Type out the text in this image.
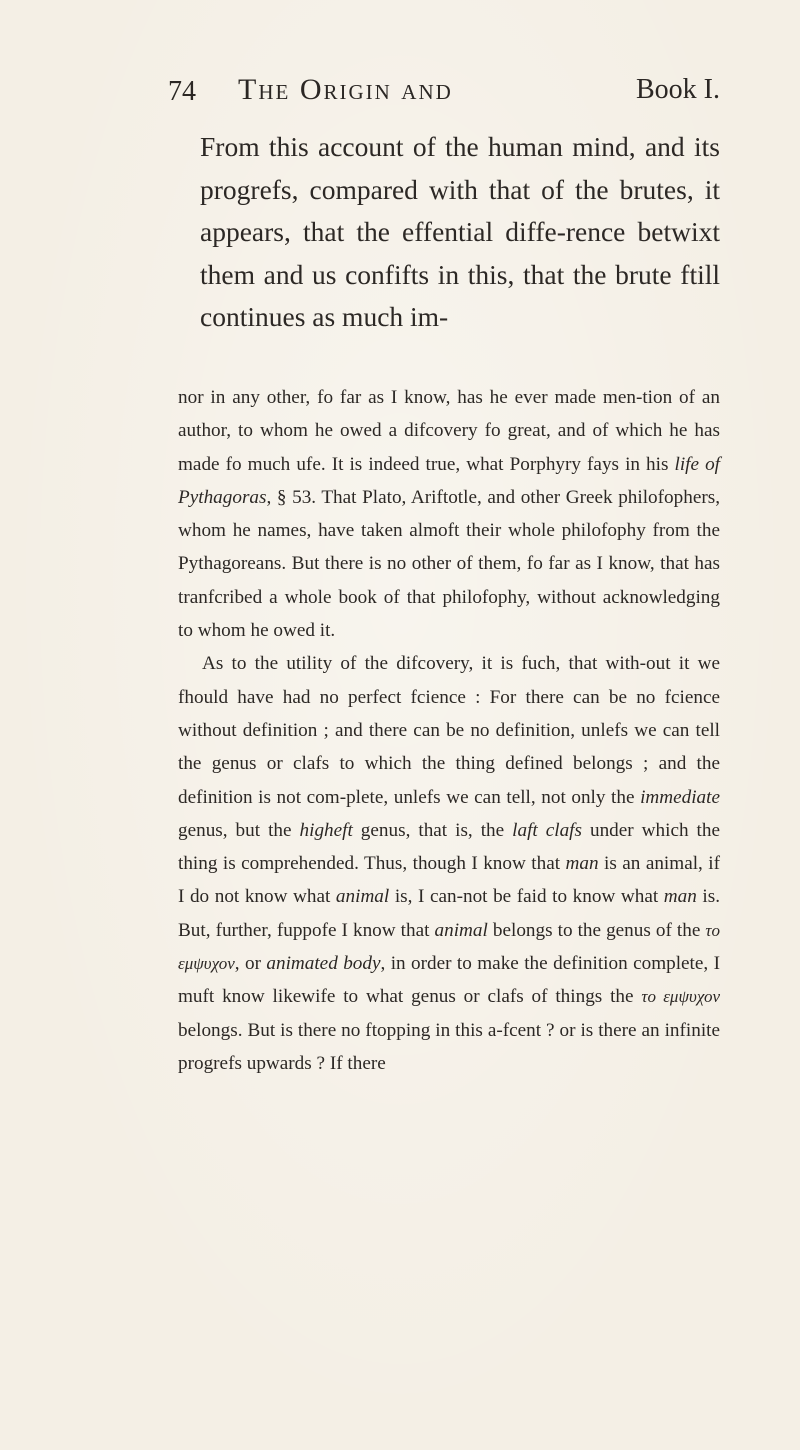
74 The Origin and	Book I.

From this account of the human mind, and its progrefs, compared with that of the brutes, it appears, that the effential diffe‑rence betwixt them and us confifts in this, that the brute ftill continues as much im‑

nor in any other, fo far as I know, has he ever made men‑tion of an author, to whom he owed a difcovery fo great, and of which he has made fo much ufe. It is indeed true, what Porphyry fays in his life of Pythagoras, § 53. That Plato, Ariftotle, and other Greek philofophers, whom he names, have taken almoft their whole philofophy from the Pythagoreans. But there is no other of them, fo far as I know, that has tranfcribed a whole book of that philofophy, without acknowledging to whom he owed it.

As to the utility of the difcovery, it is fuch, that with‑out it we fhould have had no perfect fcience : For there can be no fcience without definition ; and there can be no definition, unlefs we can tell the genus or clafs to which the thing defined belongs ; and the definition is not com‑plete, unlefs we can tell, not only the immediate genus, but the higheft genus, that is, the laft clafs under which the thing is comprehended. Thus, though I know that man is an animal, if I do not know what animal is, I can‑not be faid to know what man is. But, further, fuppofe I know that animal belongs to the genus of the το εμψυχον, or animated body, in order to make the definition complete, I muft know likewife to what genus or clafs of things the το εμψυχον belongs. But is there no ftopping in this a‑fcent ? or is there an infinite progrefs upwards ? If there
